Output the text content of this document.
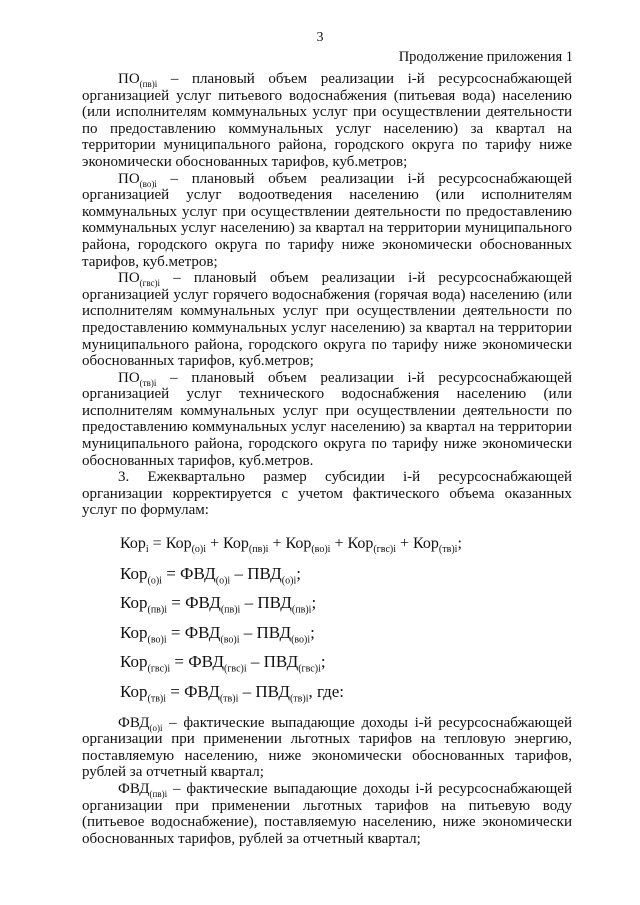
3
Продолжение приложения 1

$ПО_{(пв)i}$ – плановый объем реализации i-й ресурсоснабжающей организацией услуг питьевого водоснабжения (питьевая вода) населению (или исполнителям коммунальных услуг при осуществлении деятельности по предоставлению коммунальных услуг населению) за квартал на территории муниципального района, городского округа по тарифу ниже экономически обоснованных тарифов, куб.метров;

$ПО_{(во)i}$ – плановый объем реализации i-й ресурсоснабжающей организацией услуг водоотведения населению (или исполнителям коммунальных услуг при осуществлении деятельности по предоставлению коммунальных услуг населению) за квартал на территории муниципального района, городского округа по тарифу ниже экономически обоснованных тарифов, куб.метров;

$ПО_{(гвс)i}$ – плановый объем реализации i-й ресурсоснабжающей организацией услуг горячего водоснабжения (горячая вода) населению (или исполнителям коммунальных услуг при осуществлении деятельности по предоставлению коммунальных услуг населению) за квартал на территории муниципального района, городского округа по тарифу ниже экономически обоснованных тарифов, куб.метров;

$ПО_{(тв)i}$ – плановый объем реализации i-й ресурсоснабжающей организацией услуг технического водоснабжения населению (или исполнителям коммунальных услуг при осуществлении деятельности по предоставлению коммунальных услуг населению) за квартал на территории муниципального района, городского округа по тарифу ниже экономически обоснованных тарифов, куб.метров.

3. Ежеквартально размер субсидии i-й ресурсоснабжающей организации корректируется с учетом фактического объема оказанных услуг по формулам:

Кор$_i$ = Кор$_{(о)i}$ + Кор$_{(пв)i}$ + Кор$_{(во)i}$ + Кор$_{(гвс)i}$ + Кор$_{(тв)i}$;

$Кор_{(о)i} = ФВД_{(о)i} - ПВД_{(о)i}$;

$Кор_{(пв)i} = ФВД_{(пв)i} - ПВД_{(пв)i}$;

$Кор_{(во)i} = ФВД_{(во)i} - ПВД_{(во)i}$;

$Кор_{(гвс)i} = ФВД_{(гвс)i} - ПВД_{(гвс)i}$;

$Кор_{(тв)i} = ФВД_{(тв)i} - ПВД_{(тв)i}$, где:

$ФВД_{(о)i}$ – фактические выпадающие доходы i-й ресурсоснабжающей организации при применении льготных тарифов на тепловую энергию, поставляемую населению, ниже экономически обоснованных тарифов, рублей за отчетный квартал;

$ФВД_{(пв)i}$ – фактические выпадающие доходы i-й ресурсоснабжающей организации при применении льготных тарифов на питьевую воду (питьевое водоснабжение), поставляемую населению, ниже экономически обоснованных тарифов, рублей за отчетный квартал;
